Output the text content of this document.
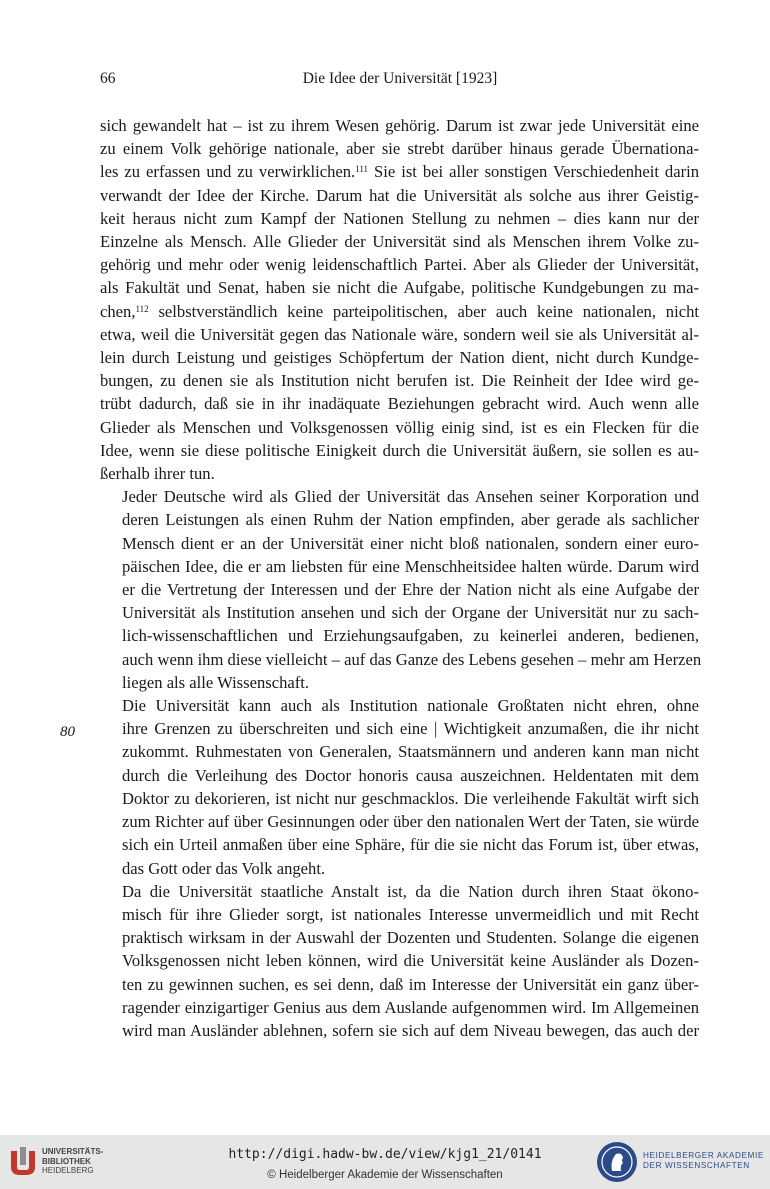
66	Die Idee der Universität [1923]
80

sich gewandelt hat – ist zu ihrem Wesen gehörig. Darum ist zwar jede Universität eine
zu einem Volk gehörige nationale, aber sie strebt darüber hinaus gerade Übernationa-
les zu erfassen und zu verwirklichen.$^{111}$ Sie ist bei aller sonstigen Verschiedenheit darin
verwandt der Idee der Kirche. Darum hat die Universität als solche aus ihrer Geistig-
keit heraus nicht zum Kampf der Nationen Stellung zu nehmen – dies kann nur der
Einzelne als Mensch. Alle Glieder der Universität sind als Menschen ihrem Volke zu-
gehörig und mehr oder wenig leidenschaftlich Partei. Aber als Glieder der Universität,
als Fakultät und Senat, haben sie nicht die Aufgabe, politische Kundgebungen zu ma-
chen,$^{112}$ selbstverständlich keine parteipolitischen, aber auch keine nationalen, nicht
etwa, weil die Universität gegen das Nationale wäre, sondern weil sie als Universität al-
lein durch Leistung und geistiges Schöpfertum der Nation dient, nicht durch Kundge-
bungen, zu denen sie als Institution nicht berufen ist. Die Reinheit der Idee wird ge-
trübt dadurch, daß sie in ihr inadäquate Beziehungen gebracht wird. Auch wenn alle
Glieder als Menschen und Volksgenossen völlig einig sind, ist es ein Flecken für die
Idee, wenn sie diese politische Einigkeit durch die Universität äußern, sie sollen es au-
ßerhalb ihrer tun.

Jeder Deutsche wird als Glied der Universität das Ansehen seiner Korporation und
deren Leistungen als einen Ruhm der Nation empfinden, aber gerade als sachlicher
Mensch dient er an der Universität einer nicht bloß nationalen, sondern einer euro-
päischen Idee, die er am liebsten für eine Menschheitsidee halten würde. Darum wird
er die Vertretung der Interessen und der Ehre der Nation nicht als eine Aufgabe der
Universität als Institution ansehen und sich der Organe der Universität nur zu sach-
lich-wissenschaftlichen und Erziehungsaufgaben, zu keinerlei anderen, bedienen,
auch wenn ihm diese vielleicht – auf das Ganze des Lebens gesehen – mehr am Herzen
liegen als alle Wissenschaft.

Die Universität kann auch als Institution nationale Großtaten nicht ehren, ohne
ihre Grenzen zu überschreiten und sich eine | Wichtigkeit anzumaßen, die ihr nicht
zukommt. Ruhmestaten von Generalen, Staatsmännern und anderen kann man nicht
durch die Verleihung des Doctor honoris causa auszeichnen. Heldentaten mit dem
Doktor zu dekorieren, ist nicht nur geschmacklos. Die verleihende Fakultät wirft sich
zum Richter auf über Gesinnungen oder über den nationalen Wert der Taten, sie würde
sich ein Urteil anmaßen über eine Sphäre, für die sie nicht das Forum ist, über etwas,
das Gott oder das Volk angeht.

Da die Universität staatliche Anstalt ist, da die Nation durch ihren Staat ökono-
misch für ihre Glieder sorgt, ist nationales Interesse unvermeidlich und mit Recht
praktisch wirksam in der Auswahl der Dozenten und Studenten. Solange die eigenen
Volksgenossen nicht leben können, wird die Universität keine Ausländer als Dozen-
ten zu gewinnen suchen, es sei denn, daß im Interesse der Universität ein ganz über-
ragender einzigartiger Genius aus dem Auslande aufgenommen wird. Im Allgemeinen
wird man Ausländer ablehnen, sofern sie sich auf dem Niveau bewegen, das auch der

UNIVERSITÄTS-
BIBLIOTHEK
HEIDELBERG
http://digi.hadw-bw.de/view/kjg1_21/0141
© Heidelberger Akademie der Wissenschaften
HEIDELBERGER AKADEMIE
DER WISSENSCHAFTEN
